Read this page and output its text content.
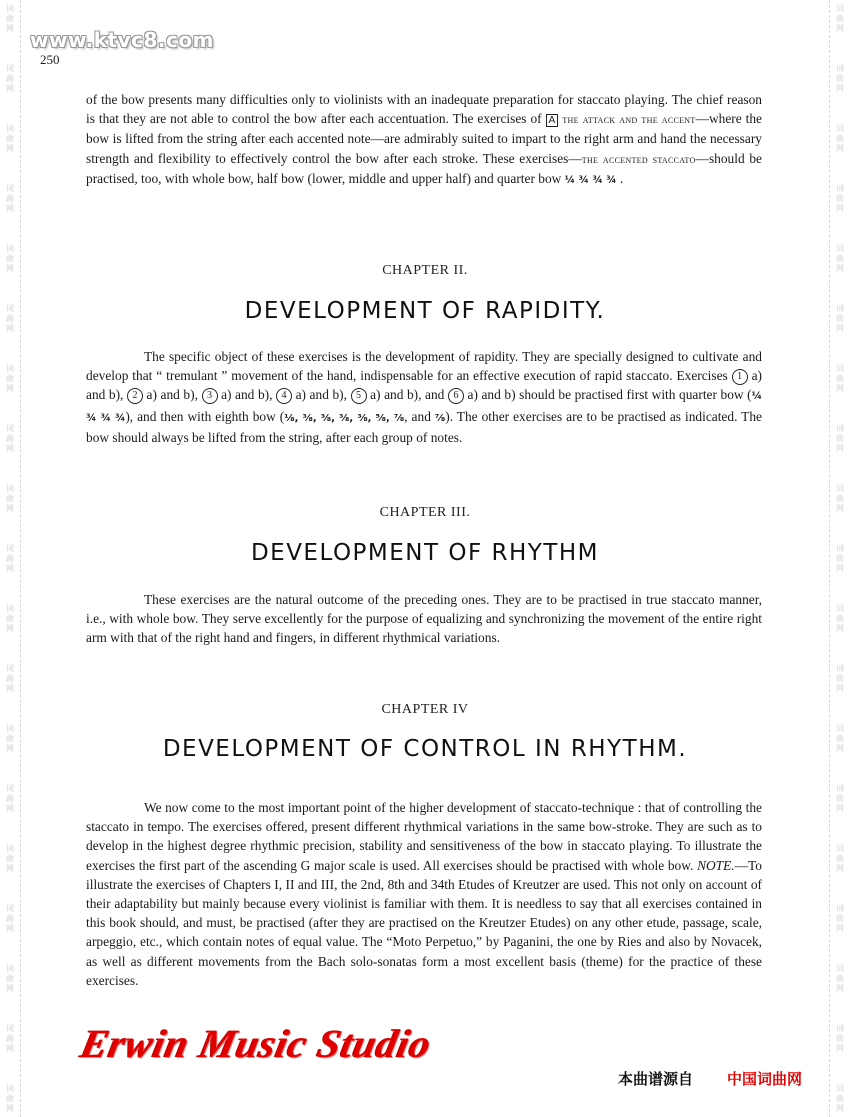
词
曲
网
词
曲
网
词
曲
网
词
曲
网
词
曲
网
词
曲
网
词
曲
网
词
曲
网
词
曲
网
词
曲
网
词
曲
网
词
曲
网
词
曲
网
词
曲
网
词
曲
网
词
曲
网
词
曲
网
词
曲
网
词
曲
网
词
曲
网
词
曲
网
词
曲
网
词
曲
网
词
曲
网
词
曲
网
词
曲
网
词
曲
网
词
曲
网
词
曲
网
词
曲
网
词
曲
网
词
曲
网
词
曲
网
词
曲
网
词
曲
网
词
曲
网
词
曲
网
词
曲
网
www.ktvc8.com
250
of the bow presents many difficulties only to violinists with an inadequate preparation for staccato playing. The chief reason is that they are not able to control the bow after each accentuation. The exercises of A the attack and the accent—where the bow is lifted from the string after each accented note—are admirably suited to impart to the right arm and hand the necessary strength and flexibility to effectively control the bow after each stroke. These exercises—the accented staccato—should be practised, too, with whole bow, half bow (lower, middle and upper half) and quarter bow ¼ ¾ ¾ ¾ .
CHAPTER II.
DEVELOPMENT OF RAPIDITY.
The specific object of these exercises is the development of rapidity. They are specially designed to cultivate and develop that “ tremulant ” movement of the hand, indispensable for an effective execution of rapid staccato. Exercises 1 a) and b), 2 a) and b), 3 a) and b), 4 a) and b), 5 a) and b), and 6 a) and b) should be practised first with quarter bow (¼ ¾ ¾ ¾), and then with eighth bow (⅛, ⅜, ⅜, ⅜, ⅜, ⅝, ⅞, and ⅞). The other exercises are to be practised as indicated. The bow should always be lifted from the string, after each group of notes.
CHAPTER III.
DEVELOPMENT OF RHYTHM
These exercises are the natural outcome of the preceding ones. They are to be practised in true staccato manner, i.e., with whole bow. They serve excellently for the purpose of equalizing and synchronizing the movement of the entire right arm with that of the right hand and fingers, in different rhythmical variations.
CHAPTER IV
DEVELOPMENT OF CONTROL IN RHYTHM.
We now come to the most important point of the higher development of staccato-technique : that of controlling the staccato in tempo. The exercises offered, present different rhythmical variations in the same bow-stroke. They are such as to develop in the highest degree rhythmic precision, stability and sensitiveness of the bow in staccato playing. To illustrate the exercises the first part of the ascending G major scale is used. All exercises should be practised with whole bow. NOTE.—To illustrate the exercises of Chapters I, II and III, the 2nd, 8th and 34th Etudes of Kreutzer are used. This not only on account of their adaptability but mainly because every violinist is familiar with them. It is needless to say that all exercises contained in this book should, and must, be practised (after they are practised on the Kreutzer Etudes) on any other etude, passage, scale, arpeggio, etc., which contain notes of equal value. The “Moto Perpetuo,” by Paganini, the one by Ries and also by Novacek, as well as different movements from the Bach solo-sonatas form a most excellent basis (theme) for the practice of these exercises.
Erwin Music Studio
本曲谱源自 中国词曲网
